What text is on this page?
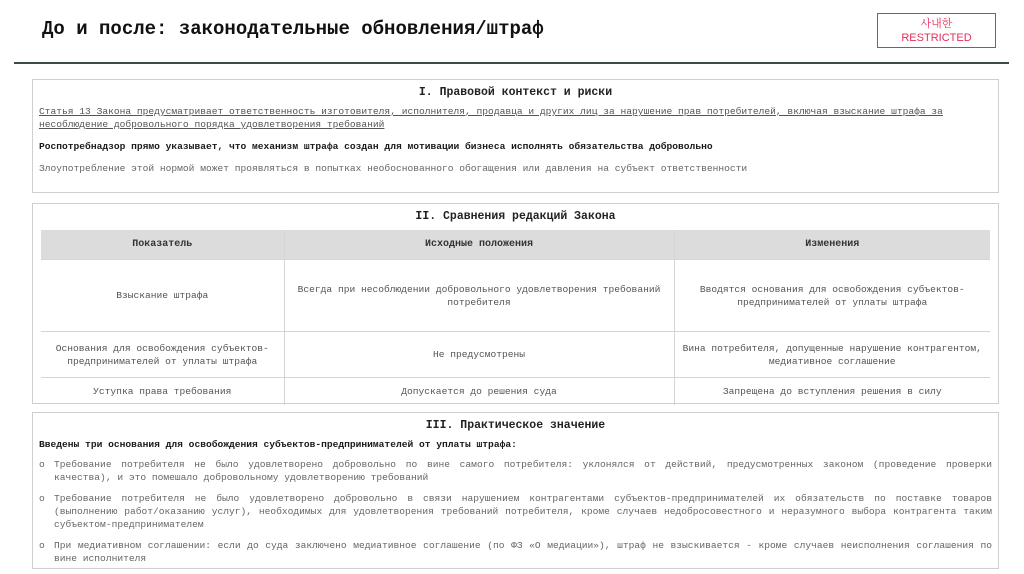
До и после: законодательные обновления/штраф	사내한
RESTRICTED
I. Правовой контекст и риски
Статья 13 Закона предусматривает ответственность изготовителя, исполнителя, продавца и других лиц за нарушение прав потребителей, включая взыскание штрафа за несоблюдение добровольного порядка удовлетворения требований
Роспотребнадзор прямо указывает, что механизм штрафа создан для мотивации бизнеса исполнять обязательства добровольно
Злоупотребление этой нормой может проявляться в попытках необоснованного обогащения или давления на субъект ответственности
II. Сравнения редакций Закона
Показатель	Исходные положения	Изменения
Взыскание штрафа	Всегда при несоблюдении добровольного удовлетворения требований потребителя	Вводятся основания для освобождения субъектов-предпринимателей от уплаты штрафа
Основания для освобождения субъектов-предпринимателей от уплаты штрафа	Не предусмотрены	Вина потребителя, допущенные нарушение контрагентом, медиативное соглашение
Уступка права требования	Допускается до решения суда	Запрещена до вступления решения в силу
III. Практическое значение
Введены три основания для освобождения субъектов-предпринимателей от уплаты штрафа:
o Требование потребителя не было удовлетворено добровольно по вине самого потребителя: уклонялся от действий, предусмотренных законом (проведение проверки качества), и это помешало добровольному удовлетворению требований
o Требование потребителя не было удовлетворено добровольно в связи нарушением контрагентами субъектов-предпринимателей их обязательств по поставке товаров (выполнению работ/оказанию услуг), необходимых для удовлетворения требований потребителя, кроме случаев недобросовестного и неразумного выбора контрагента таким субъектом-предпринимателем
o При медиативном соглашении: если до суда заключено медиативное соглашение (по ФЗ «О медиации»), штраф не взыскивается - кроме случаев неисполнения соглашения по вине исполнителя
